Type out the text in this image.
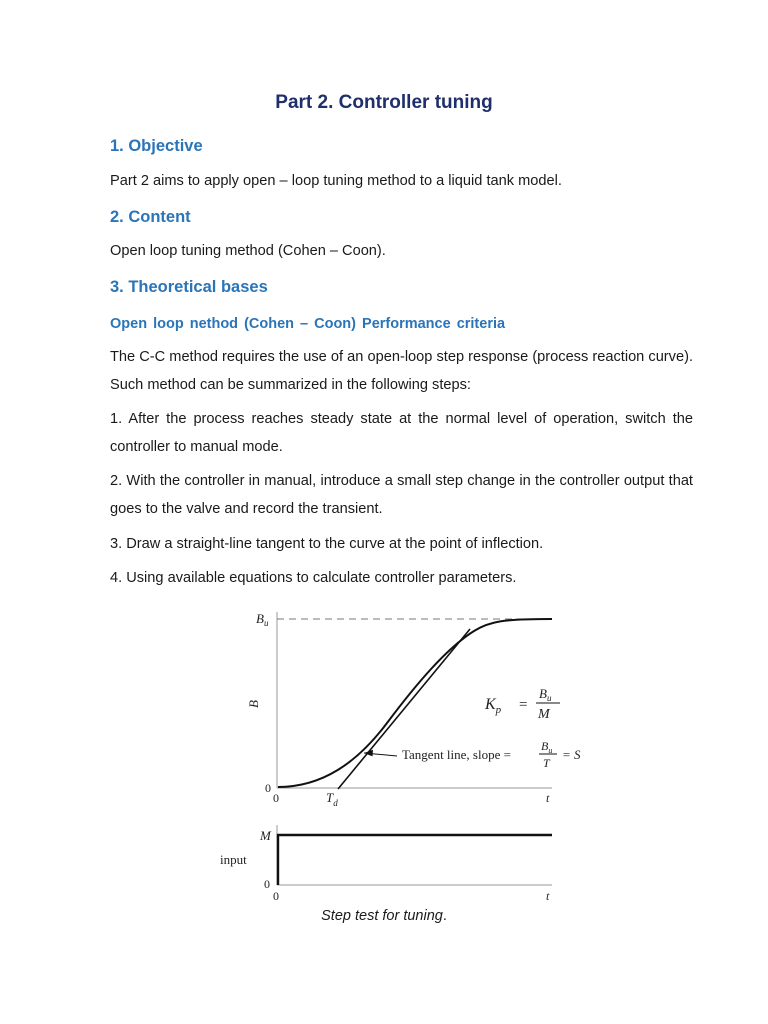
Part 2. Controller tuning
1. Objective
Part 2 aims to apply open – loop tuning method to a liquid tank model.
2. Content
Open loop tuning method (Cohen – Coon).
3. Theoretical bases
Open loop nethod (Cohen – Coon) Performance criteria
The C-C method requires the use of an open-loop step response (process reaction curve). Such method can be summarized in the following steps:
1. After the process reaches steady state at the normal level of operation, switch the controller to manual mode.
2. With the controller in manual, introduce a small step change in the controller output that goes to the valve and record the transient.
3. Draw a straight-line tangent to the curve at the point of inflection.
4. Using available equations to calculate controller parameters.
$B_u$
B
0
0	$T_d$	t
$K_p$ =
$B_u$
M
Tangent line, slope =
$B_u$
T
= S
M
input
0
0	t
Step test for tuning.
